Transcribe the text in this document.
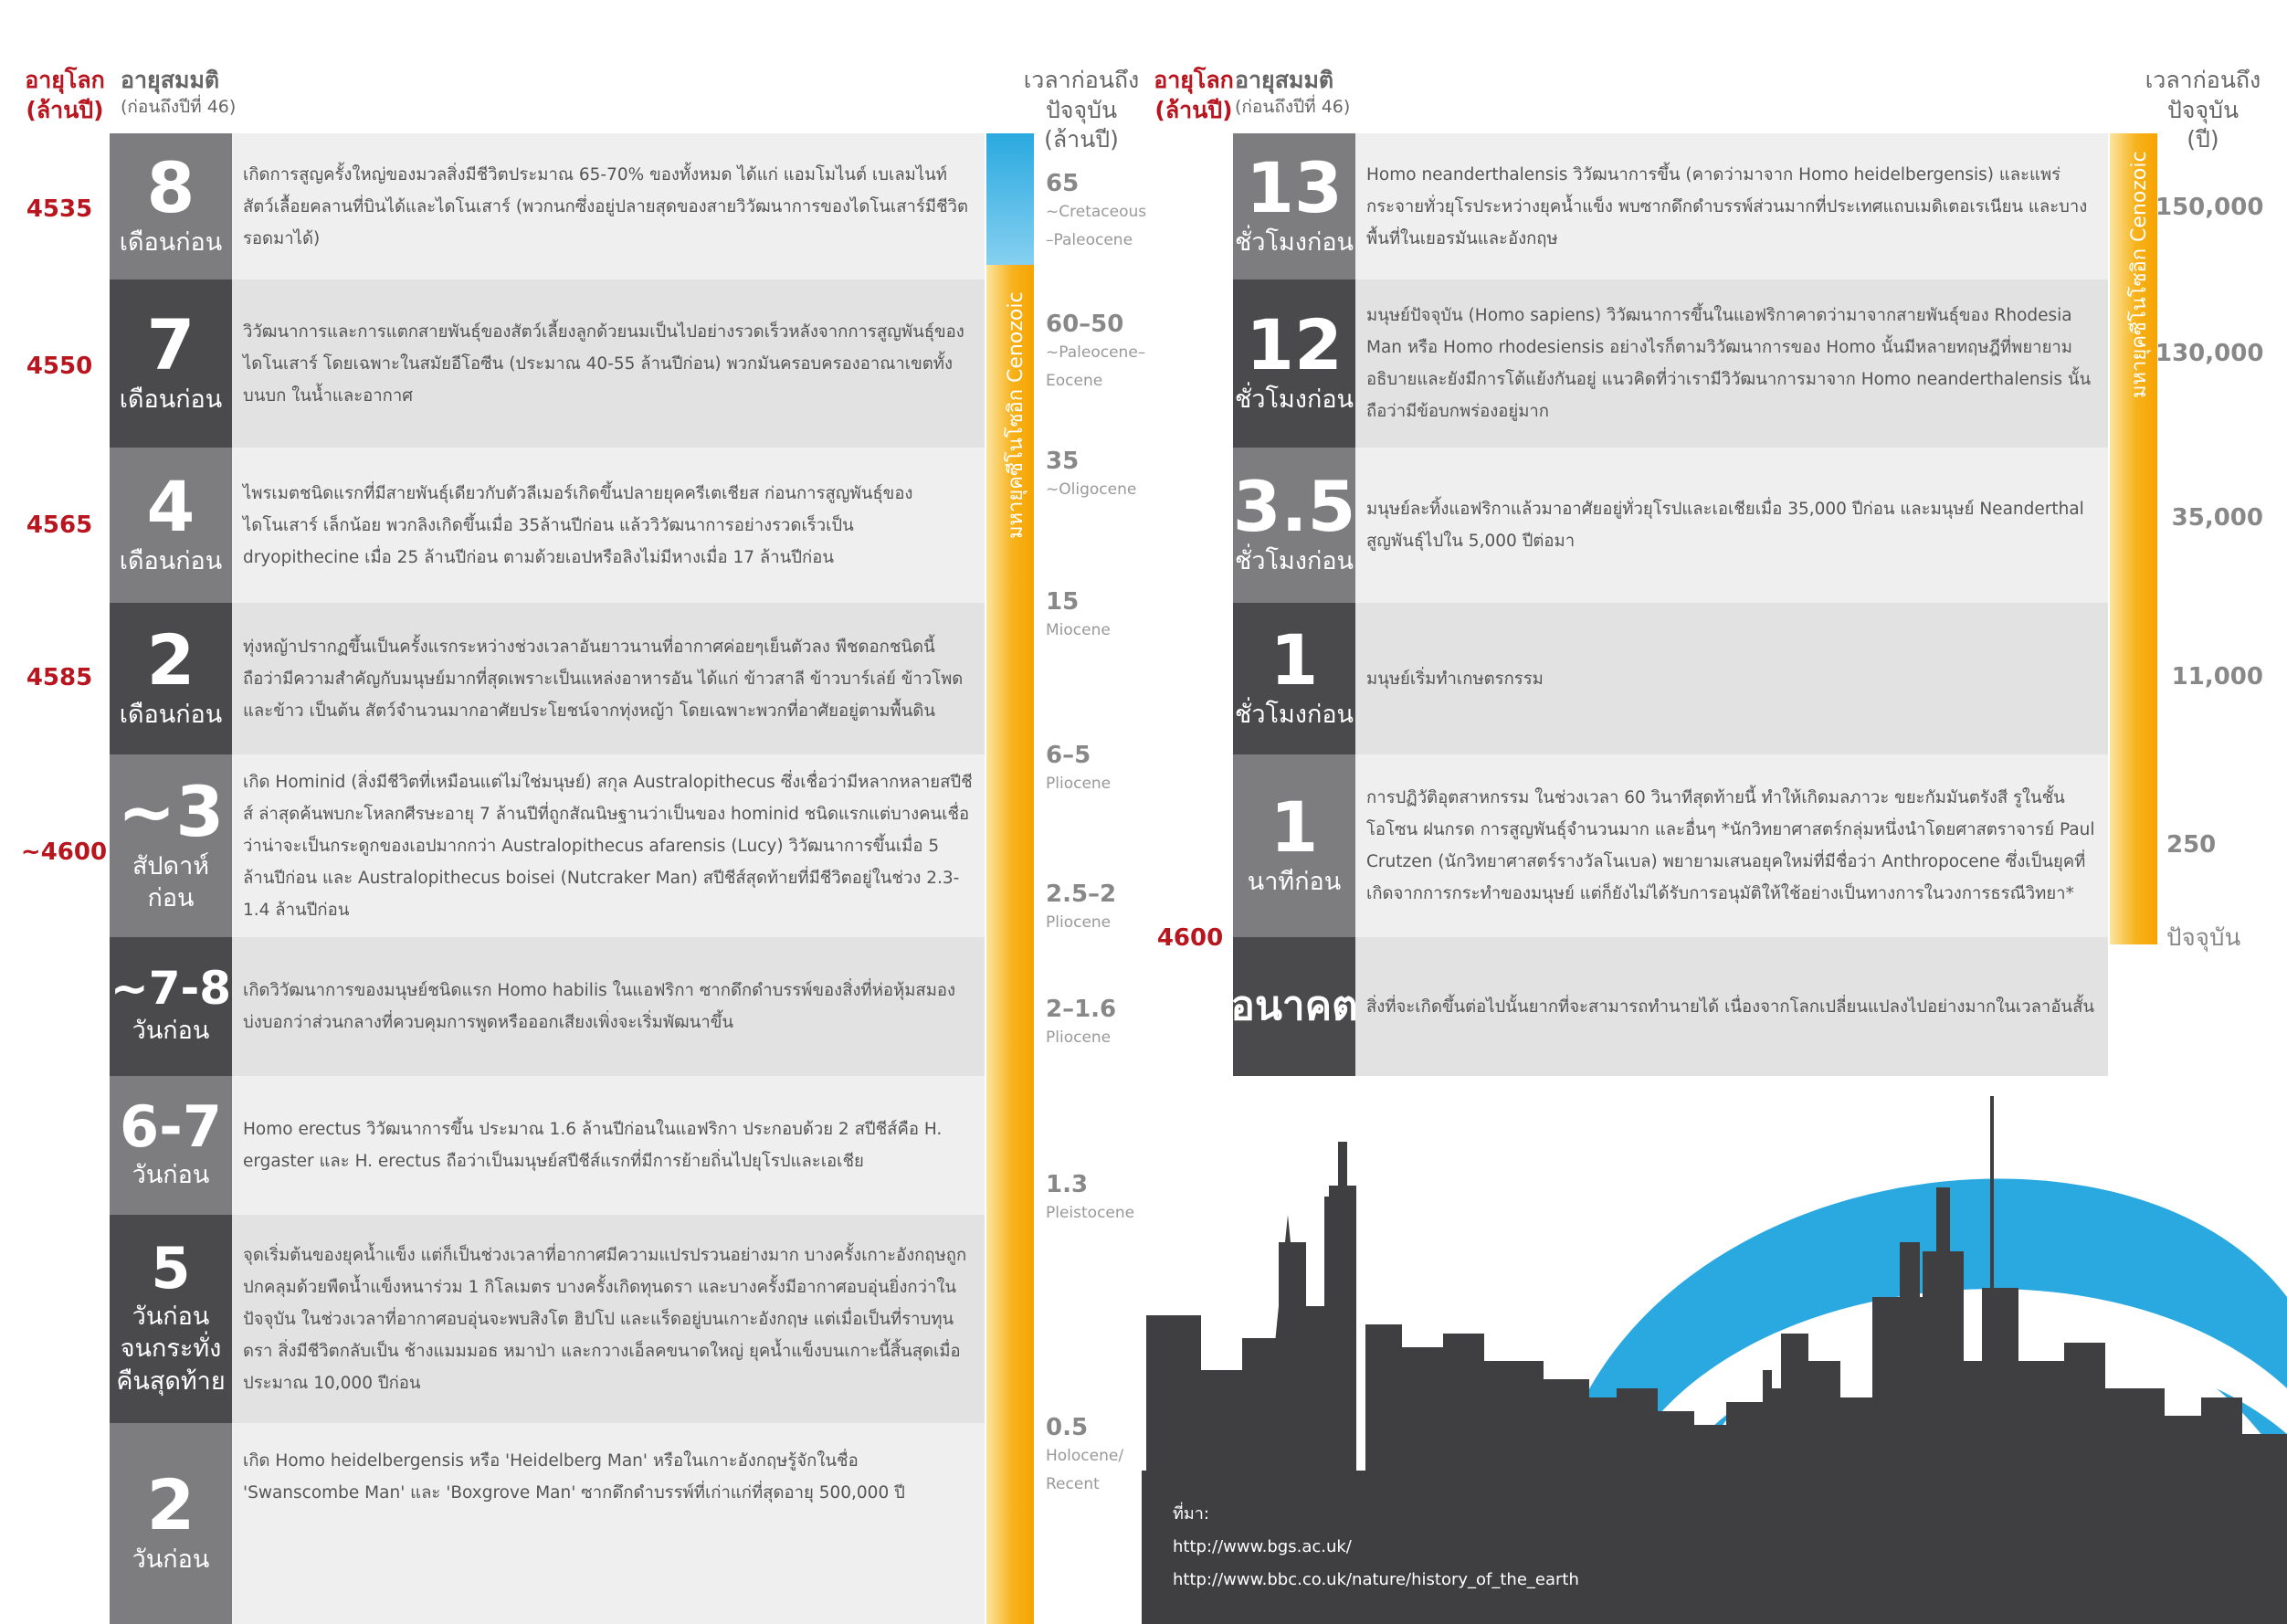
อายุโลก
(ล้านปี)
อายุสมมติ
(ก่อนถึงปีที่ 46)
เวลาก่อนถึง
ปัจจุบัน
(ล้านปี)
4535
4550
4565
4585
~4600
8
เดือนก่อน
เกิดการสูญครั้งใหญ่ของมวลสิ่งมีชีวิตประมาณ 65-70% ของทั้งหมด ได้แก่ แอมโมไนต์ เบเลมไนท์ สัตว์เลื้อยคลานที่บินได้และไดโนเสาร์ (พวกนกซึ่งอยู่ปลายสุดของสายวิวัฒนาการของไดโนเสาร์มีชีวิตรอดมาได้)
7
เดือนก่อน
วิวัฒนาการและการแตกสายพันธุ์ของสัตว์เลี้ยงลูกด้วยนมเป็นไปอย่างรวดเร็วหลังจากการสูญพันธุ์ของไดโนเสาร์ โดยเฉพาะในสมัยอีโอซีน (ประมาณ 40-55 ล้านปีก่อน) พวกมันครอบครองอาณาเขตทั้งบนบก ในน้ำและอากาศ
4
เดือนก่อน
ไพรเมตชนิดแรกที่มีสายพันธุ์เดียวกับตัวลีเมอร์เกิดขึ้นปลายยุคครีเตเชียส ก่อนการสูญพันธุ์ของไดโนเสาร์ เล็กน้อย พวกลิงเกิดขึ้นเมื่อ 35ล้านปีก่อน แล้ววิวัฒนาการอย่างรวดเร็วเป็น dryopithecine เมื่อ 25 ล้านปีก่อน ตามด้วยเอปหรือลิงไม่มีหางเมื่อ 17 ล้านปีก่อน
2
เดือนก่อน
ทุ่งหญ้าปรากฏขึ้นเป็นครั้งแรกระหว่างช่วงเวลาอันยาวนานที่อากาศค่อยๆเย็นตัวลง พืชดอกชนิดนี้ถือว่ามีความสำคัญกับมนุษย์มากที่สุดเพราะเป็นแหล่งอาหารอัน ได้แก่ ข้าวสาลี ข้าวบาร์เล่ย์ ข้าวโพด และข้าว เป็นต้น สัตว์จำนวนมากอาศัยประโยชน์จากทุ่งหญ้า โดยเฉพาะพวกที่อาศัยอยู่ตามพื้นดิน
~3
สัปดาห์ก่อน
เกิด Hominid (สิ่งมีชีวิตที่เหมือนแต่ไม่ใช่มนุษย์) สกุล Australopithecus ซึ่งเชื่อว่ามีหลากหลายสปีชีส์ ล่าสุดค้นพบกะโหลกศีรษะอายุ 7 ล้านปีที่ถูกสัณนิษฐานว่าเป็นของ hominid ชนิดแรกแต่บางคนเชื่อว่าน่าจะเป็นกระดูกของเอปมากกว่า Australopithecus afarensis (Lucy) วิวัฒนาการขึ้นเมื่อ 5 ล้านปีก่อน และ Australopithecus boisei (Nutcraker Man) สปีชีส์สุดท้ายที่มีชีวิตอยู่ในช่วง 2.3-1.4 ล้านปีก่อน
~7-8
วันก่อน
เกิดวิวัฒนาการของมนุษย์ชนิดแรก Homo habilis ในแอฟริกา ซากดึกดำบรรพ์ของสิ่งที่ห่อหุ้มสมองบ่งบอกว่าส่วนกลางที่ควบคุมการพูดหรือออกเสียงเพิ่งจะเริ่มพัฒนาขึ้น
6-7
วันก่อน
Homo erectus วิวัฒนาการขึ้น ประมาณ 1.6 ล้านปีก่อนในแอฟริกา ประกอบด้วย 2 สปีชีส์คือ H. ergaster และ H. erectus ถือว่าเป็นมนุษย์สปีชีส์แรกที่มีการย้ายถิ่นไปยุโรปและเอเชีย
5
วันก่อน จนกระทั่ง คืนสุดท้าย
จุดเริ่มต้นของยุคน้ำแข็ง แต่ก็เป็นช่วงเวลาที่อากาศมีความแปรปรวนอย่างมาก บางครั้งเกาะอังกฤษถูกปกคลุมด้วยพืดน้ำแข็งหนาร่วม 1 กิโลเมตร บางครั้งเกิดทุนดรา และบางครั้งมีอากาศอบอุ่นยิ่งกว่าในปัจจุบัน ในช่วงเวลาที่อากาศอบอุ่นจะพบสิงโต ฮิปโป และแร็ดอยู่บนเกาะอังกฤษ แต่เมื่อเป็นที่ราบทุนดรา สิ่งมีชีวิตกลับเป็น ช้างแมมมอธ หมาป่า และกวางเอ็ลคขนาดใหญ่ ยุคน้ำแข็งบนเกาะนี้สิ้นสุดเมื่อประมาณ 10,000 ปีก่อน
2
วันก่อน
เกิด Homo heidelbergensis หรือ 'Heidelberg Man' หรือในเกาะอังกฤษรู้จักในชื่อ 'Swanscombe Man' และ 'Boxgrove Man' ซากดึกดำบรรพ์ที่เก่าแก่ที่สุดอายุ 500,000 ปี
มหายุคซีโนโซอิก Cenozoic
65
~Cretaceous –Paleocene
60–50
~Paleocene– Eocene
35
~Oligocene
15
Miocene
6–5
Pliocene
2.5–2
Pliocene
2–1.6
Pliocene
1.3
Pleistocene
0.5
Holocene/ Recent
อายุโลก
(ล้านปี)
อายุสมมติ
(ก่อนถึงปีที่ 46)
เวลาก่อนถึง
ปัจจุบัน
(ปี)
4600
13
ชั่วโมงก่อน
Homo neanderthalensis วิวัฒนาการขึ้น (คาดว่ามาจาก Homo heidelbergensis) และแพร่กระจายทั่วยุโรประหว่างยุคน้ำแข็ง พบซากดึกดำบรรพ์ส่วนมากที่ประเทศแถบเมดิเตอเรเนียน และบางพื้นที่ในเยอรมันและอังกฤษ
12
ชั่วโมงก่อน
มนุษย์ปัจจุบัน (Homo sapiens) วิวัฒนาการขึ้นในแอฟริกาคาดว่ามาจากสายพันธุ์ของ Rhodesia Man หรือ Homo rhodesiensis อย่างไรก็ตามวิวัฒนาการของ Homo นั้นมีหลายทฤษฎีที่พยายามอธิบายและยังมีการโต้แย้งกันอยู่ แนวคิดที่ว่าเรามีวิวัฒนาการมาจาก Homo neanderthalensis นั้นถือว่ามีข้อบกพร่องอยู่มาก
3.5
ชั่วโมงก่อน
มนุษย์ละทิ้งแอฟริกาแล้วมาอาศัยอยู่ทั่วยุโรปและเอเชียเมื่อ 35,000 ปีก่อน และมนุษย์ Neanderthal สูญพันธุ์ไปใน 5,000 ปีต่อมา
1
ชั่วโมงก่อน
มนุษย์เริ่มทำเกษตรกรรม
1
นาทีก่อน
การปฏิวัติอุตสาหกรรม ในช่วงเวลา 60 วินาทีสุดท้ายนี้ ทำให้เกิดมลภาวะ ขยะกัมมันตรังสี รูในชั้นโอโซน ฝนกรด การสูญพันธุ์จำนวนมาก และอื่นๆ *นักวิทยาศาสตร์กลุ่มหนึ่งนำโดยศาสตราจารย์ Paul Crutzen (นักวิทยาศาสตร์รางวัลโนเบล) พยายามเสนอยุคใหม่ที่มีชื่อว่า Anthropocene ซึ่งเป็นยุคที่เกิดจากการกระทำของมนุษย์ แต่ก็ยังไม่ได้รับการอนุมัติให้ใช้อย่างเป็นทางการในวงการธรณีวิทยา*
อนาคต สิ่งที่จะเกิดขึ้นต่อไปนั้นยากที่จะสามารถทำนายได้ เนื่องจากโลกเปลี่ยนแปลงไปอย่างมากในเวลาอันสั้น
มหายุคซีโนโซอิก Cenozoic 150,000
130,000
35,000
11,000
250
ปัจจุบัน
ที่มา:
http://www.bgs.ac.uk/
http://www.bbc.co.uk/nature/history_of_the_earth
